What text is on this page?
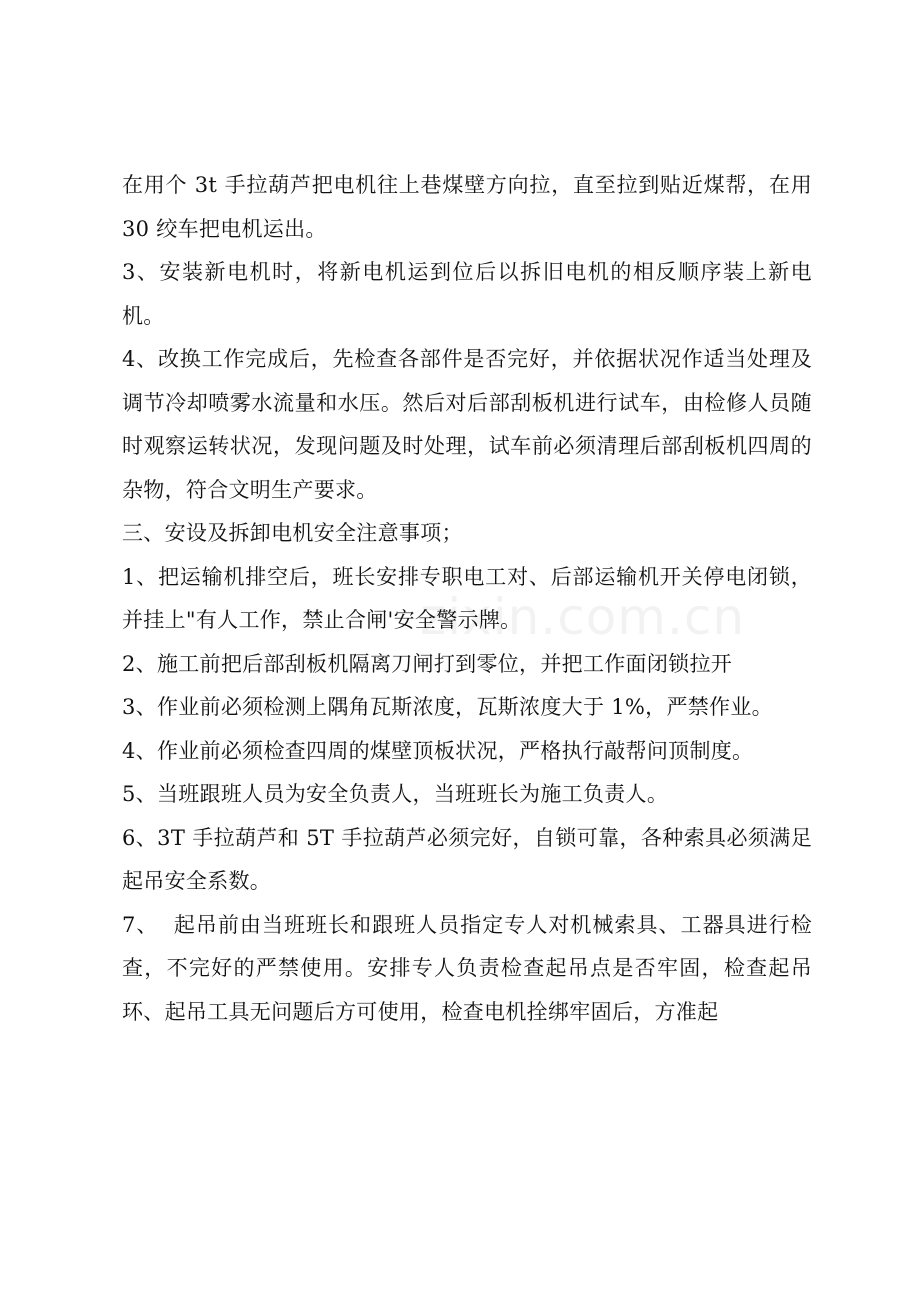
在用个 3t 手拉葫芦把电机往上巷煤壁方向拉，直至拉到贴近煤帮，在用 30 绞车把电机运出。

3、安装新电机时，将新电机运到位后以拆旧电机的相反顺序装上新电机。

4、改换工作完成后，先检查各部件是否完好，并依据状况作适当处理及调节冷却喷雾水流量和水压。然后对后部刮板机进行试车，由检修人员随时观察运转状况，发现问题及时处理，试车前必须清理后部刮板机四周的杂物，符合文明生产要求。

三、安设及拆卸电机安全注意事项；

1、把运输机排空后，班长安排专职电工对、后部运输机开关停电闭锁，并挂上"有人工作，禁止合闸'安全警示牌。

2、施工前把后部刮板机隔离刀闸打到零位，并把工作面闭锁拉开

3、作业前必须检测上隅角瓦斯浓度，瓦斯浓度大于 1%，严禁作业。

4、作业前必须检查四周的煤壁顶板状况，严格执行敲帮问顶制度。

5、当班跟班人员为安全负责人，当班班长为施工负责人。

6、3T 手拉葫芦和 5T 手拉葫芦必须完好，自锁可靠，各种索具必须满足起吊安全系数。

7、  起吊前由当班班长和跟班人员指定专人对机械索具、工器具进行检查，不完好的严禁使用。安排专人负责检查起吊点是否牢固，检查起吊环、起吊工具无问题后方可使用，检查电机拴绑牢固后，方准起

zixin.com.cn
